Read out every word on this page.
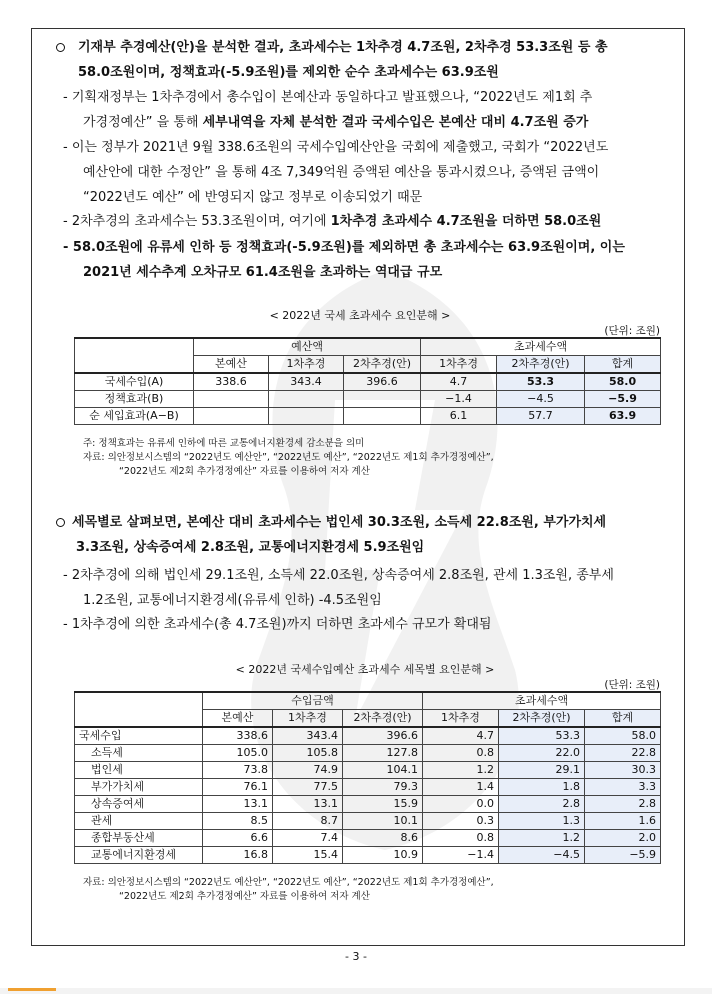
기재부 추경예산(안)을 분석한 결과, 초과세수는 1차추경 4.7조원, 2차추경 53.3조원 등 총
58.0조원이며, 정책효과(-5.9조원)를 제외한 순수 초과세수는 63.9조원
- 기획재정부는 1차추경에서 총수입이 본예산과 동일하다고 발표했으나, “2022년도 제1회 추
가경정예산” 을 통해 세부내역을 자체 분석한 결과 국세수입은 본예산 대비 4.7조원 증가
- 이는 정부가 2021년 9월 338.6조원의 국세수입예산안을 국회에 제출했고, 국회가 “2022년도
예산안에 대한 수정안” 을 통해 4조 7,349억원 증액된 예산을 통과시켰으나, 증액된 금액이
“2022년도 예산” 에 반영되지 않고 정부로 이송되었기 때문
- 2차추경의 초과세수는 53.3조원이며, 여기에 1차추경 초과세수 4.7조원을 더하면 58.0조원
- 58.0조원에 유류세 인하 등 정책효과(-5.9조원)를 제외하면 총 초과세수는 63.9조원이며, 이는
2021년 세수추계 오차규모 61.4조원을 초과하는 역대급 규모
< 2022년 국세 초과세수 요인분해 >
(단위: 조원)
	예산액			초과세수액		
	본예산	1차추경	2차추경(안)	1차추경	2차추경(안)	합계
국세수입(A)	338.6	343.4	396.6	4.7	53.3	58.0
정책효과(B)				−1.4	−4.5	−5.9
순 세입효과(A−B)				6.1	57.7	63.9
주: 정책효과는 유류세 인하에 따른 교통에너지환경세 감소분을 의미
자료: 의안정보시스템의 “2022년도 예산안”, “2022년도 예산”, “2022년도 제1회 추가경정예산”,
“2022년도 제2회 추가경정예산” 자료를 이용하여 저자 계산
세목별로 살펴보면, 본예산 대비 초과세수는 법인세 30.3조원, 소득세 22.8조원, 부가가치세
3.3조원, 상속증여세 2.8조원, 교통에너지환경세 5.9조원임
- 2차추경에 의해 법인세 29.1조원, 소득세 22.0조원, 상속증여세 2.8조원, 관세 1.3조원, 종부세
1.2조원, 교통에너지환경세(유류세 인하) -4.5조원임
- 1차추경에 의한 초과세수(총 4.7조원)까지 더하면 초과세수 규모가 확대됨
< 2022년 국세수입예산 초과세수 세목별 요인분해 >
(단위: 조원)
	수입금액			초과세수액		
	본예산	1차추경	2차추경(안)	1차추경	2차추경(안)	합계
국세수입	338.6	343.4	396.6	4.7	53.3	58.0
소득세	105.0	105.8	127.8	0.8	22.0	22.8
법인세	73.8	74.9	104.1	1.2	29.1	30.3
부가가치세	76.1	77.5	79.3	1.4	1.8	3.3
상속증여세	13.1	13.1	15.9	0.0	2.8	2.8
관세	8.5	8.7	10.1	0.3	1.3	1.6
종합부동산세	6.6	7.4	8.6	0.8	1.2	2.0
교통에너지환경세	16.8	15.4	10.9	−1.4	−4.5	−5.9
자료: 의안정보시스템의 “2022년도 예산안”, “2022년도 예산”, “2022년도 제1회 추가경정예산”,
“2022년도 제2회 추가경정예산” 자료를 이용하여 저자 계산
- 3 -
